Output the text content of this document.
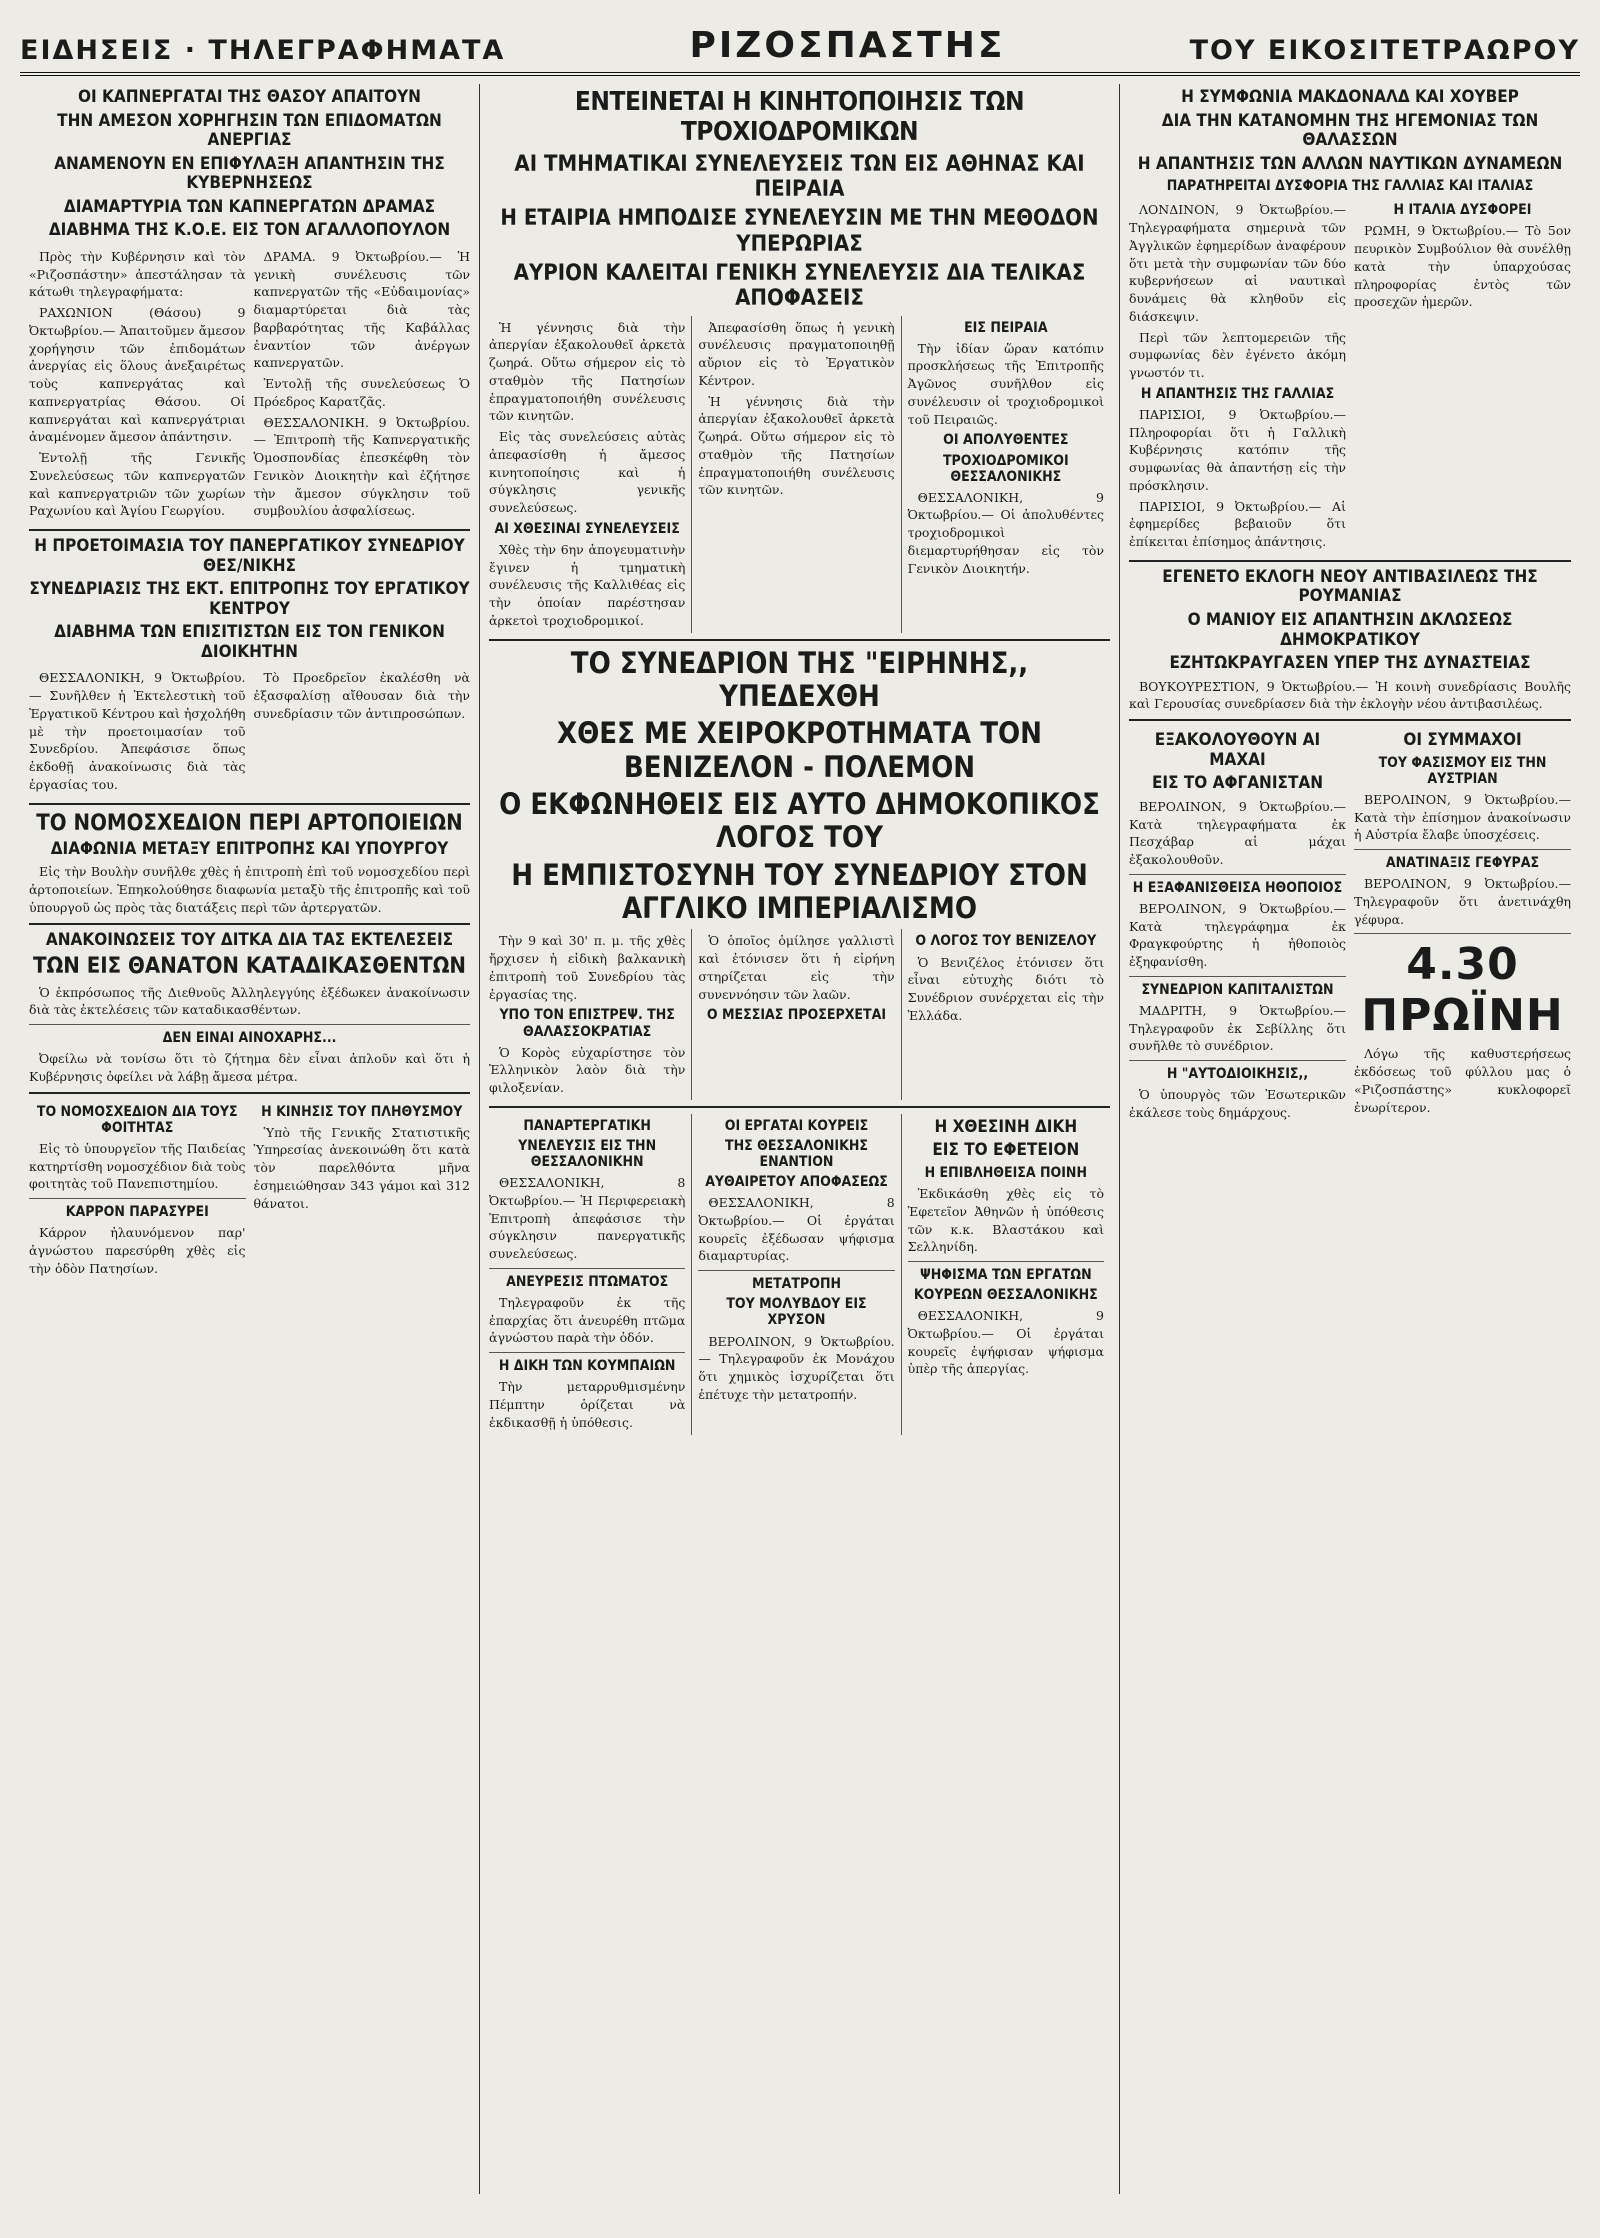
ΕΙΔΗΣΕΙΣ · ΤΗΛΕΓΡΑΦΗΜΑΤΑ	ΡΙΖΟΣΠΑΣΤΗΣ	ΤΟΥ ΕΙΚΟΣΙΤΕΤΡΑΩΡΟΥ
ΟΙ ΚΑΠΝΕΡΓΑΤΑΙ ΤΗΣ ΘΑΣΟΥ ΑΠΑΙΤΟΥΝ
ΤΗΝ ΑΜΕΣΟΝ ΧΟΡΗΓΗΣΙΝ ΤΩΝ ΕΠΙΔΟΜΑΤΩΝ ΑΝΕΡΓΙΑΣ
ΑΝΑΜΕΝΟΥΝ ΕΝ ΕΠΙΦΥΛΑΞΗ ΑΠΑΝΤΗΣΙΝ ΤΗΣ ΚΥΒΕΡΝΗΣΕΩΣ
ΔΙΑΜΑΡΤΥΡΙΑ ΤΩΝ ΚΑΠΝΕΡΓΑΤΩΝ ΔΡΑΜΑΣ
ΔΙΑΒΗΜΑ ΤΗΣ Κ.Ο.Ε. ΕΙΣ ΤΟΝ ΑΓΑΛΛΟΠΟΥΛΟΝ

Πρὸς τὴν Κυβέρνησιν καὶ τὸν «Ριζοσπάστην» ἀπεστάλησαν τὰ κάτωθι τηλεγραφήματα:

ΡΑΧΩΝΙΟΝ (Θάσου) 9 Ὀκτωβρίου.— Ἀπαιτοῦμεν ἄμεσον χορήγησιν τῶν ἐπιδομάτων ἀνεργίας εἰς ὅλους ἀνεξαιρέτως τοὺς καπνεργάτας καὶ καπνεργατρίας Θάσου. Οἱ καπνεργάται καὶ καπνεργάτριαι ἀναμένομεν ἄμεσον ἀπάντησιν.

Ἐντολῇ τῆς Γενικῆς Συνελεύσεως τῶν καπνεργατῶν καὶ καπνεργατριῶν τῶν χωρίων Ραχωνίου καὶ Ἁγίου Γεωργίου.

ΔΡΑΜΑ. 9 Ὀκτωβρίου.— Ἡ γενικὴ συνέλευσις τῶν καπνεργατῶν τῆς «Εὐδαιμονίας» διαμαρτύρεται διὰ τὰς βαρβαρότητας τῆς Καβάλλας ἐναντίον τῶν ἀνέργων καπνεργατῶν.

Ἐντολῇ τῆς συνελεύσεως Ὁ Πρόεδρος Καρατζᾶς.

ΘΕΣΣΑΛΟΝΙΚΗ. 9 Ὀκτωβρίου.— Ἐπιτροπὴ τῆς Καπνεργατικῆς Ὁμοσπονδίας ἐπεσκέφθη τὸν Γενικὸν Διοικητὴν καὶ ἐζήτησε τὴν ἄμεσον σύγκλησιν τοῦ συμβουλίου ἀσφαλίσεως.

Η ΠΡΟΕΤΟΙΜΑΣΙΑ ΤΟΥ ΠΑΝΕΡΓΑΤΙΚΟΥ ΣΥΝΕΔΡΙΟΥ ΘΕΣ/ΝΙΚΗΣ
ΣΥΝΕΔΡΙΑΣΙΣ ΤΗΣ ΕΚΤ. ΕΠΙΤΡΟΠΗΣ ΤΟΥ ΕΡΓΑΤΙΚΟΥ ΚΕΝΤΡΟΥ
ΔΙΑΒΗΜΑ ΤΩΝ ΕΠΙΣΙΤΙΣΤΩΝ ΕΙΣ ΤΟΝ ΓΕΝΙΚΟΝ ΔΙΟΙΚΗΤΗΝ

ΘΕΣΣΑΛΟΝΙΚΗ, 9 Ὀκτωβρίου.— Συνῆλθεν ἡ Ἐκτελεστικὴ τοῦ Ἐργατικοῦ Κέντρου καὶ ἠσχολήθη μὲ τὴν προετοιμασίαν τοῦ Συνεδρίου. Ἀπεφάσισε ὅπως ἐκδοθῇ ἀνακοίνωσις διὰ τὰς ἐργασίας του.

Τὸ Προεδρεῖον ἐκαλέσθη νὰ ἐξασφαλίσῃ αἴθουσαν διὰ τὴν συνεδρίασιν τῶν ἀντιπροσώπων.

ΤΟ ΝΟΜΟΣΧΕΔΙΟΝ ΠΕΡΙ ΑΡΤΟΠΟΙΕΙΩΝ
ΔΙΑΦΩΝΙΑ ΜΕΤΑΞΥ ΕΠΙΤΡΟΠΗΣ ΚΑΙ ΥΠΟΥΡΓΟΥ

Εἰς τὴν Βουλὴν συνῆλθε χθὲς ἡ ἐπιτροπὴ ἐπὶ τοῦ νομοσχεδίου περὶ ἀρτοποιείων. Ἐπηκολούθησε διαφωνία μεταξὺ τῆς ἐπιτροπῆς καὶ τοῦ ὑπουργοῦ ὡς πρὸς τὰς διατάξεις περὶ τῶν ἀρτεργατῶν.

ΑΝΑΚΟΙΝΩΣΕΙΣ ΤΟΥ ΔΙΤΚΑ ΔΙΑ ΤΑΣ ΕΚΤΕΛΕΣΕΙΣ
ΤΩΝ ΕΙΣ ΘΑΝΑΤΟΝ ΚΑΤΑΔΙΚΑΣΘΕΝΤΩΝ

Ὁ ἐκπρόσωπος τῆς Διεθνοῦς Ἀλληλεγγύης ἐξέδωκεν ἀνακοίνωσιν διὰ τὰς ἐκτελέσεις τῶν καταδικασθέντων.

ΔΕΝ ΕΙΝΑΙ ΑΙΝΟΧΑΡΗΣ...

Ὀφείλω νὰ τονίσω ὅτι τὸ ζήτημα δὲν εἶναι ἀπλοῦν καὶ ὅτι ἡ Κυβέρνησις ὀφείλει νὰ λάβῃ ἄμεσα μέτρα.

ΤΟ ΝΟΜΟΣΧΕΔΙΟΝ ΔΙΑ ΤΟΥΣ ΦΟΙΤΗΤΑΣ

Εἰς τὸ ὑπουργεῖον τῆς Παιδείας κατηρτίσθη νομοσχέδιον διὰ τοὺς φοιτητὰς τοῦ Πανεπιστημίου.

ΚΑΡΡΟΝ ΠΑΡΑΣΥΡΕΙ

Κάρρον ἠλαυνόμενον παρ' ἀγνώστου παρεσύρθη χθὲς εἰς τὴν ὁδὸν Πατησίων.

Η ΚΙΝΗΣΙΣ ΤΟΥ ΠΛΗΘΥΣΜΟΥ

Ὑπὸ τῆς Γενικῆς Στατιστικῆς Ὑπηρεσίας ἀνεκοινώθη ὅτι κατὰ τὸν παρελθόντα μῆνα ἐσημειώθησαν 343 γάμοι καὶ 312 θάνατοι.

ΕΝΤΕΙΝΕΤΑΙ Η ΚΙΝΗΤΟΠΟΙΗΣΙΣ ΤΩΝ ΤΡΟΧΙΟΔΡΟΜΙΚΩΝ
ΑΙ ΤΜΗΜΑΤΙΚΑΙ ΣΥΝΕΛΕΥΣΕΙΣ ΤΩΝ ΕΙΣ ΑΘΗΝΑΣ ΚΑΙ ΠΕΙΡΑΙΑ
Η ΕΤΑΙΡΙΑ ΗΜΠΟΔΙΣΕ ΣΥΝΕΛΕΥΣΙΝ ΜΕ ΤΗΝ ΜΕΘΟΔΟΝ ΥΠΕΡΩΡΙΑΣ
ΑΥΡΙΟΝ ΚΑΛΕΙΤΑΙ ΓΕΝΙΚΗ ΣΥΝΕΛΕΥΣΙΣ ΔΙΑ ΤΕΛΙΚΑΣ ΑΠΟΦΑΣΕΙΣ

Ἡ γέννησις διὰ τὴν ἀπεργίαν ἐξακολουθεῖ ἀρκετὰ ζωηρά. Οὕτω σήμερον εἰς τὸ σταθμὸν τῆς Πατησίων ἐπραγματοποιήθη συνέλευσις τῶν κινητῶν.

Εἰς τὰς συνελεύσεις αὐτὰς ἀπεφασίσθη ἡ ἄμεσος κινητοποίησις καὶ ἡ σύγκλησις γενικῆς συνελεύσεως.

ΑΙ ΧΘΕΣΙΝΑΙ ΣΥΝΕΛΕΥΣΕΙΣ

Χθὲς τὴν 6ην ἀπογευματινὴν ἔγινεν ἡ τμηματικὴ συνέλευσις τῆς Καλλιθέας εἰς τὴν ὁποίαν παρέστησαν ἀρκετοὶ τροχιοδρομικοί.

Ἀπεφασίσθη ὅπως ἡ γενικὴ συνέλευσις πραγματοποιηθῇ αὔριον εἰς τὸ Ἐργατικὸν Κέντρον.

Ἡ γέννησις διὰ τὴν ἀπεργίαν ἐξακολουθεῖ ἀρκετὰ ζωηρά. Οὕτω σήμερον εἰς τὸ σταθμὸν τῆς Πατησίων ἐπραγματοποιήθη συνέλευσις τῶν κινητῶν.

ΕΙΣ ΠΕΙΡΑΙΑ

Τὴν ἰδίαν ὥραν κατόπιν προσκλήσεως τῆς Ἐπιτροπῆς Ἀγῶνος συνῆλθον εἰς συνέλευσιν οἱ τροχιοδρομικοὶ τοῦ Πειραιῶς.

ΟΙ ΑΠΟΛΥΘΕΝΤΕΣ
ΤΡΟΧΙΟΔΡΟΜΙΚΟΙ ΘΕΣΣΑΛΟΝΙΚΗΣ

ΘΕΣΣΑΛΟΝΙΚΗ, 9 Ὀκτωβρίου.— Οἱ ἀπολυθέντες τροχιοδρομικοὶ διεμαρτυρήθησαν εἰς τὸν Γενικὸν Διοικητήν.

ΤΟ ΣΥΝΕΔΡΙΟΝ ΤΗΣ "ΕΙΡΗΝΗΣ,, ΥΠΕΔΕΧΘΗ
ΧΘΕΣ ΜΕ ΧΕΙΡΟΚΡΟΤΗΜΑΤΑ ΤΟΝ ΒΕΝΙΖΕΛΟΝ - ΠΟΛΕΜΟΝ
Ο ΕΚΦΩΝΗΘΕΙΣ ΕΙΣ ΑΥΤΟ ΔΗΜΟΚΟΠΙΚΟΣ ΛΟΓΟΣ ΤΟΥ
Η ΕΜΠΙΣΤΟΣΥΝΗ ΤΟΥ ΣΥΝΕΔΡΙΟΥ ΣΤΟΝ ΑΓΓΛΙΚΟ ΙΜΠΕΡΙΑΛΙΣΜΟ

Τὴν 9 καὶ 30' π. μ. τῆς χθὲς ἤρχισεν ἡ εἰδικὴ βαλκανικὴ ἐπιτροπὴ τοῦ Συνεδρίου τὰς ἐργασίας της.

ΥΠΟ ΤΟΝ ΕΠΙΣΤΡΕΨ. ΤΗΣ ΘΑΛΑΣΣΟΚΡΑΤΙΑΣ

Ὁ Κορὸς εὐχαρίστησε τὸν Ἑλληνικὸν λαὸν διὰ τὴν φιλοξενίαν.

Ὁ ὁποῖος ὁμίλησε γαλλιστὶ καὶ ἐτόνισεν ὅτι ἡ εἰρήνη στηρίζεται εἰς τὴν συνεννόησιν τῶν λαῶν.

Ο ΜΕΣΣΙΑΣ ΠΡΟΣΕΡΧΕΤΑΙ
Ο ΛΟΓΟΣ ΤΟΥ ΒΕΝΙΖΕΛΟΥ

Ὁ Βενιζέλος ἐτόνισεν ὅτι εἶναι εὐτυχὴς διότι τὸ Συνέδριον συνέρχεται εἰς τὴν Ἑλλάδα.

ΠΑΝΑΡΤΕΡΓΑΤΙΚΗ
ΥΝΕΛΕΥΣΙΣ ΕΙΣ ΤΗΝ ΘΕΣΣΑΛΟΝΙΚΗΝ

ΘΕΣΣΑΛΟΝΙΚΗ, 8 Ὀκτωβρίου.— Ἡ Περιφερειακὴ Ἐπιτροπὴ ἀπεφάσισε τὴν σύγκλησιν πανεργατικῆς συνελεύσεως.

ΑΝΕΥΡΕΣΙΣ ΠΤΩΜΑΤΟΣ

Τηλεγραφοῦν ἐκ τῆς ἐπαρχίας ὅτι ἀνευρέθη πτῶμα ἀγνώστου παρὰ τὴν ὁδόν.

Η ΔΙΚΗ ΤΩΝ ΚΟΥΜΠΑΙΩΝ

Τὴν μεταρρυθμισμένην Πέμπτην ὁρίζεται νὰ ἐκδικασθῇ ἡ ὑπόθεσις.

ΟΙ ΕΡΓΑΤΑΙ ΚΟΥΡΕΙΣ
ΤΗΣ ΘΕΣΣΑΛΟΝΙΚΗΣ ΕΝΑΝΤΙΟΝ
ΑΥΘΑΙΡΕΤΟΥ ΑΠΟΦΑΣΕΩΣ

ΘΕΣΣΑΛΟΝΙΚΗ, 8 Ὀκτωβρίου.— Οἱ ἐργάται κουρεῖς ἐξέδωσαν ψήφισμα διαμαρτυρίας.

ΜΕΤΑΤΡΟΠΗ
ΤΟΥ ΜΟΛΥΒΔΟΥ ΕΙΣ ΧΡΥΣΟΝ

ΒΕΡΟΛΙΝΟΝ, 9 Ὀκτωβρίου.— Τηλεγραφοῦν ἐκ Μονάχου ὅτι χημικὸς ἰσχυρίζεται ὅτι ἐπέτυχε τὴν μετατροπήν.

Η ΧΘΕΣΙΝΗ ΔΙΚΗ
ΕΙΣ ΤΟ ΕΦΕΤΕΙΟΝ
Η ΕΠΙΒΛΗΘΕΙΣΑ ΠΟΙΝΗ

Ἐκδικάσθη χθὲς εἰς τὸ Ἐφετεῖον Ἀθηνῶν ἡ ὑπόθεσις τῶν κ.κ. Βλαστάκου καὶ Σελληνίδη.

ΨΗΦΙΣΜΑ ΤΩΝ ΕΡΓΑΤΩΝ
ΚΟΥΡΕΩΝ ΘΕΣΣΑΛΟΝΙΚΗΣ

ΘΕΣΣΑΛΟΝΙΚΗ, 9 Ὀκτωβρίου.— Οἱ ἐργάται κουρεῖς ἐψήφισαν ψήφισμα ὑπὲρ τῆς ἀπεργίας.

Η ΣΥΜΦΩΝΙΑ ΜΑΚΔΟΝΑΛΔ ΚΑΙ ΧΟΥΒΕΡ
ΔΙΑ ΤΗΝ ΚΑΤΑΝΟΜΗΝ ΤΗΣ ΗΓΕΜΟΝΙΑΣ ΤΩΝ ΘΑΛΑΣΣΩΝ
Η ΑΠΑΝΤΗΣΙΣ ΤΩΝ ΑΛΛΩΝ ΝΑΥΤΙΚΩΝ ΔΥΝΑΜΕΩΝ
ΠΑΡΑΤΗΡΕΙΤΑΙ ΔΥΣΦΟΡΙΑ ΤΗΣ ΓΑΛΛΙΑΣ ΚΑΙ ΙΤΑΛΙΑΣ

ΛΟΝΔΙΝΟΝ, 9 Ὀκτωβρίου.— Τηλεγραφήματα σημερινὰ τῶν Ἀγγλικῶν ἐφημερίδων ἀναφέρουν ὅτι μετὰ τὴν συμφωνίαν τῶν δύο κυβερνήσεων αἱ ναυτικαὶ δυνάμεις θὰ κληθοῦν εἰς διάσκεψιν.

Περὶ τῶν λεπτομερειῶν τῆς συμφωνίας δὲν ἐγένετο ἀκόμη γνωστόν τι.

Η ΑΠΑΝΤΗΣΙΣ ΤΗΣ ΓΑΛΛΙΑΣ

ΠΑΡΙΣΙΟΙ, 9 Ὀκτωβρίου.— Πληροφορίαι ὅτι ἡ Γαλλικὴ Κυβέρνησις κατόπιν τῆς συμφωνίας θὰ ἀπαντήσῃ εἰς τὴν πρόσκλησιν.

ΠΑΡΙΣΙΟΙ, 9 Ὀκτωβρίου.— Αἱ ἐφημερίδες βεβαιοῦν ὅτι ἐπίκειται ἐπίσημος ἀπάντησις.

Η ΙΤΑΛΙΑ ΔΥΣΦΟΡΕΙ

ΡΩΜΗ, 9 Ὀκτωβρίου.— Τὸ 5ον πευρικὸν Συμβούλιον θὰ συνέλθῃ κατὰ τὴν ὑπαρχούσας πληροφορίας ἐντὸς τῶν προσεχῶν ἡμερῶν.

ΕΓΕΝΕΤΟ ΕΚΛΟΓΗ ΝΕΟΥ ΑΝΤΙΒΑΣΙΛΕΩΣ ΤΗΣ ΡΟΥΜΑΝΙΑΣ
Ο ΜΑΝΙΟΥ ΕΙΣ ΑΠΑΝΤΗΣΙΝ ΔΚΛΩΣΕΩΣ ΔΗΜΟΚΡΑΤΙΚΟΥ
ΕΖΗΤΩΚΡΑΥΓΑΣΕΝ ΥΠΕΡ ΤΗΣ ΔΥΝΑΣΤΕΙΑΣ

ΒΟΥΚΟΥΡΕΣΤΙΟΝ, 9 Ὀκτωβρίου.— Ἡ κοινὴ συνεδρίασις Βουλῆς καὶ Γερουσίας συνεδρίασεν διὰ τὴν ἐκλογὴν νέου ἀντιβασιλέως.

ΕΞΑΚΟΛΟΥΘΟΥΝ ΑΙ ΜΑΧΑΙ
ΕΙΣ ΤΟ ΑΦΓΑΝΙΣΤΑΝ

ΒΕΡΟΛΙΝΟΝ, 9 Ὀκτωβρίου.— Κατὰ τηλεγραφήματα ἐκ Πεσχάβαρ αἱ μάχαι ἐξακολουθοῦν.

Η ΕΞΑΦΑΝΙΣΘΕΙΣΑ ΗΘΟΠΟΙΟΣ

ΒΕΡΟΛΙΝΟΝ, 9 Ὀκτωβρίου.— Κατὰ τηλεγράφημα ἐκ Φραγκφούρτης ἡ ἠθοποιὸς ἐξηφανίσθη.

ΣΥΝΕΔΡΙΟΝ ΚΑΠΙΤΑΛΙΣΤΩΝ

ΜΑΔΡΙΤΗ, 9 Ὀκτωβρίου.— Τηλεγραφοῦν ἐκ Σεβίλλης ὅτι συνῆλθε τὸ συνέδριον.

Η "ΑΥΤΟΔΙΟΙΚΗΣΙΣ,,

Ὁ ὑπουργὸς τῶν Ἐσωτερικῶν ἐκάλεσε τοὺς δημάρχους.

ΟΙ ΣΥΜΜΑΧΟΙ
ΤΟΥ ΦΑΣΙΣΜΟΥ ΕΙΣ ΤΗΝ ΑΥΣΤΡΙΑΝ

ΒΕΡΟΛΙΝΟΝ, 9 Ὀκτωβρίου.— Κατὰ τὴν ἐπίσημον ἀνακοίνωσιν ἡ Αὐστρία ἔλαβε ὑποσχέσεις.

ΑΝΑΤΙΝΑΞΙΣ ΓΕΦΥΡΑΣ

ΒΕΡΟΛΙΝΟΝ, 9 Ὀκτωβρίου.— Τηλεγραφοῦν ὅτι ἀνετινάχθη γέφυρα.

4.30 ΠΡΩΪΝΗ

Λόγω τῆς καθυστερήσεως ἐκδόσεως τοῦ φύλλου μας ὁ «Ριζοσπάστης» κυκλοφορεῖ ἐνωρίτερον.
